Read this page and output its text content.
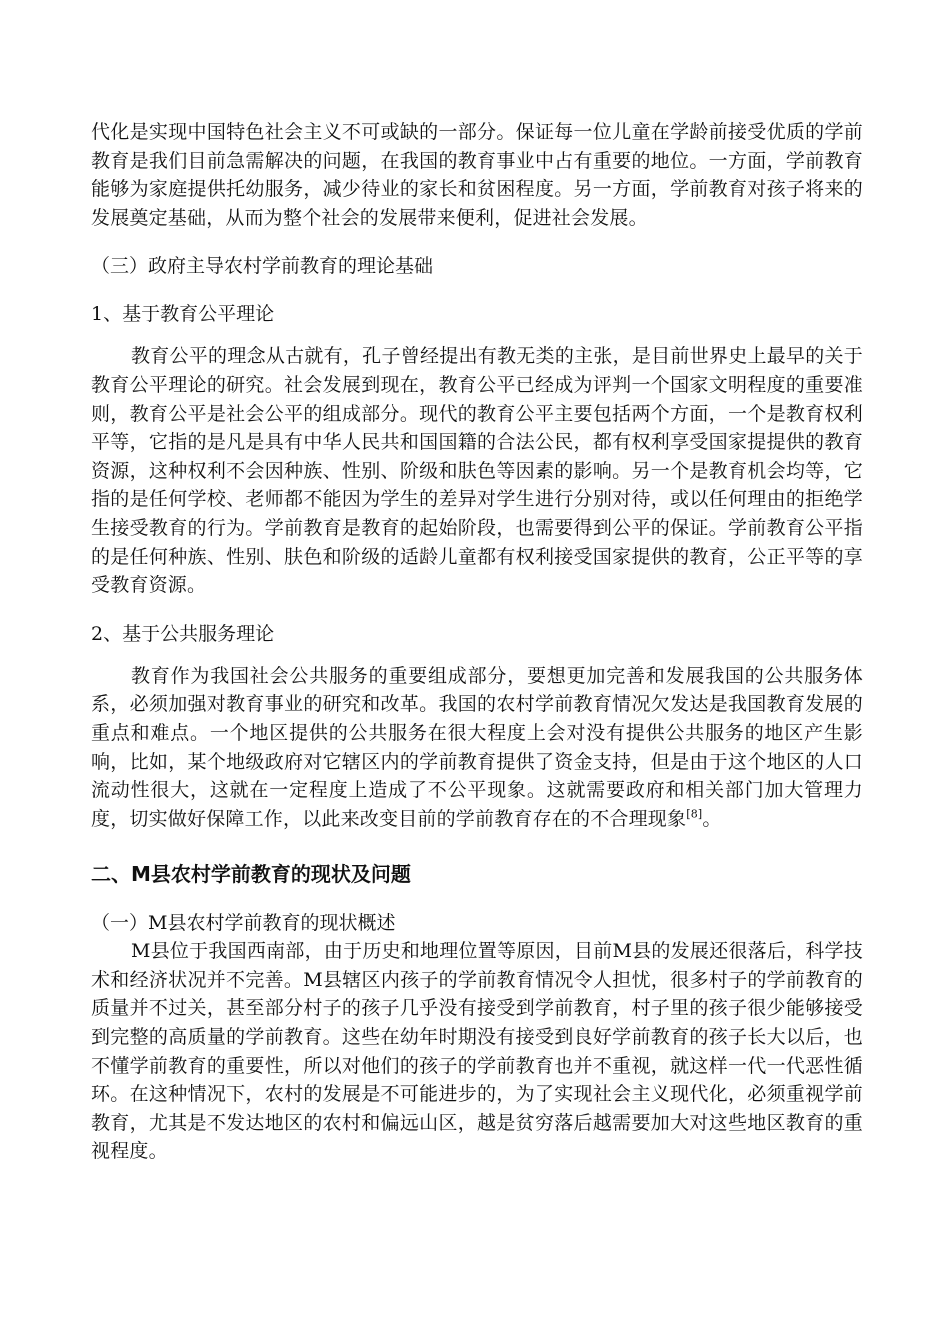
代化是实现中国特色社会主义不可或缺的一部分。保证每一位儿童在学龄前接受优质的学前教育是我们目前急需解决的问题，在我国的教育事业中占有重要的地位。一方面，学前教育能够为家庭提供托幼服务，减少待业的家长和贫困程度。另一方面，学前教育对孩子将来的发展奠定基础，从而为整个社会的发展带来便利，促进社会发展。

（三）政府主导农村学前教育的理论基础

1、基于教育公平理论

教育公平的理念从古就有，孔子曾经提出有教无类的主张，是目前世界史上最早的关于教育公平理论的研究。社会发展到现在，教育公平已经成为评判一个国家文明程度的重要准则，教育公平是社会公平的组成部分。现代的教育公平主要包括两个方面，一个是教育权利平等，它指的是凡是具有中华人民共和国国籍的合法公民，都有权利享受国家提提供的教育资源，这种权利不会因种族、性别、阶级和肤色等因素的影响。另一个是教育机会均等，它指的是任何学校、老师都不能因为学生的差异对学生进行分别对待，或以任何理由的拒绝学生接受教育的行为。学前教育是教育的起始阶段，也需要得到公平的保证。学前教育公平指的是任何种族、性别、肤色和阶级的适龄儿童都有权利接受国家提供的教育，公正平等的享受教育资源。

2、基于公共服务理论

教育作为我国社会公共服务的重要组成部分，要想更加完善和发展我国的公共服务体系，必须加强对教育事业的研究和改革。我国的农村学前教育情况欠发达是我国教育发展的重点和难点。一个地区提供的公共服务在很大程度上会对没有提供公共服务的地区产生影响，比如，某个地级政府对它辖区内的学前教育提供了资金支持，但是由于这个地区的人口流动性很大，这就在一定程度上造成了不公平现象。这就需要政府和相关部门加大管理力度，切实做好保障工作，以此来改变目前的学前教育存在的不合理现象[8]。

二、M县农村学前教育的现状及问题

（一）M县农村学前教育的现状概述

M县位于我国西南部，由于历史和地理位置等原因，目前M县的发展还很落后，科学技术和经济状况并不完善。M县辖区内孩子的学前教育情况令人担忧，很多村子的学前教育的质量并不过关，甚至部分村子的孩子几乎没有接受到学前教育，村子里的孩子很少能够接受到完整的高质量的学前教育。这些在幼年时期没有接受到良好学前教育的孩子长大以后，也不懂学前教育的重要性，所以对他们的孩子的学前教育也并不重视，就这样一代一代恶性循环。在这种情况下，农村的发展是不可能进步的，为了实现社会主义现代化，必须重视学前教育，尤其是不发达地区的农村和偏远山区，越是贫穷落后越需要加大对这些地区教育的重视程度。
